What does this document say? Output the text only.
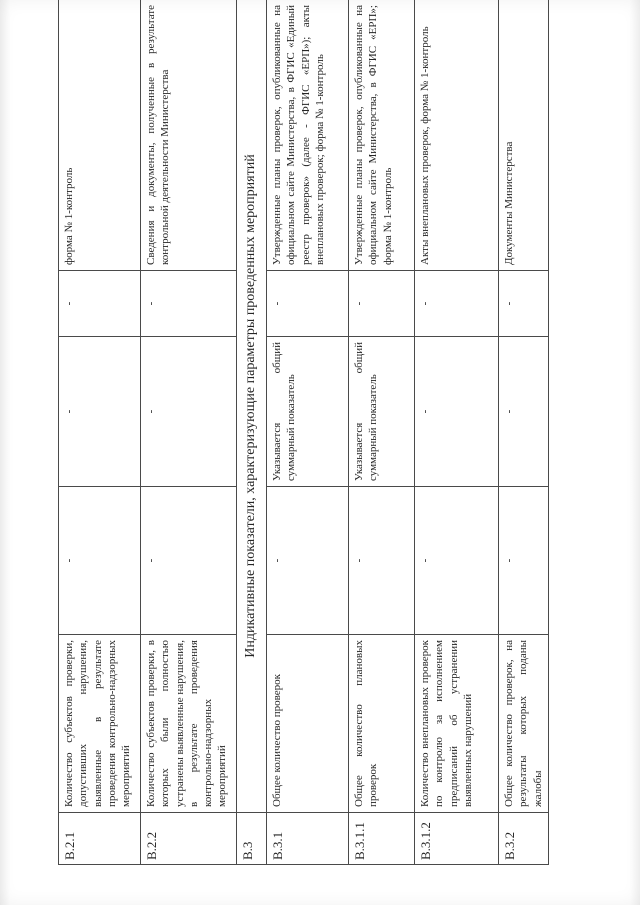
В.2.1	Количество субъектов проверки, допустивших нарушения, выявленные в результате проведения контрольно-надзорных мероприятий	-	-	-	форма № 1-контроль
В.2.2	Количество субъектов проверки, в которых были полностью устранены выявленные нарушения, в результате проведения контрольно-надзорных мероприятий	-	-	-	Сведения и документы, полученные в результате контрольной деятельности Министерства
В.3	Индикативные показатели, характеризующие параметры проведенных мероприятий				
В.3.1	Общее количество проверок	-	Указывается общий суммарный показатель	-	Утвержденные планы проверок, опубликованные на официальном сайте Министерства, в ФГИС «Единый реестр проверок» (далее - ФГИС «ЕРП»); акты внеплановых проверок; форма № 1-контроль
В.3.1.1	Общее количество плановых проверок	-	Указывается общий суммарный показатель	-	Утвержденные планы проверок, опубликованные на официальном сайте Министерства, в ФГИС «ЕРП»; форма № 1-контроль
В.3.1.2	Количество внеплановых проверок по контролю за исполнением предписаний об устранении выявленных нарушений	-	-	-	Акты внеплановых проверок, форма № 1-контроль
В.3.2	Общее количество проверок, на результаты которых поданы жалобы	-	-	-	Документы Министерства
